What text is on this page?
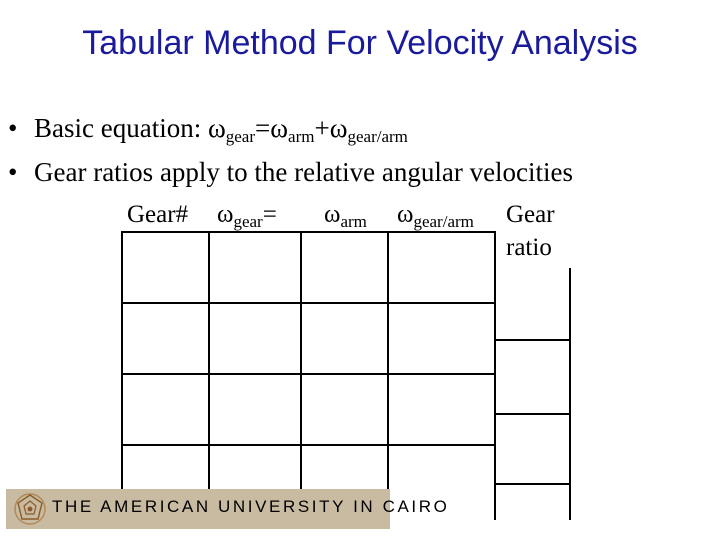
Tabular Method For Velocity Analysis
• Basic equation: $\omega_{gear}=\omega_{arm}+\omega_{gear/arm}$
• Gear ratios apply to the relative angular velocities
Gear# $\omega_{gear}= \omega_{arm}$ $\omega_{gear/arm}$ Gear
ratio
THE AMERICAN UNIVERSITY IN CAIRO
